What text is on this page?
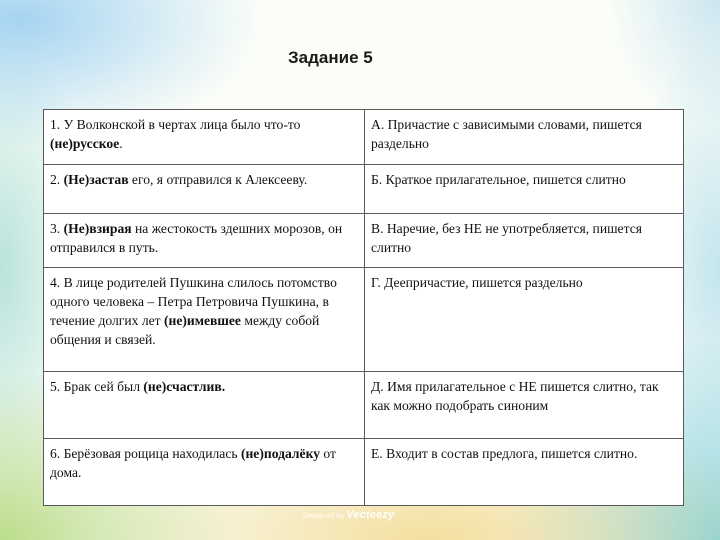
Задание 5
1. У Волконской в чертах лица было что-то (не)русское.	А. Причастие с зависимыми словами, пишется раздельно
2. (Не)застав его, я отправился к Алексееву.	Б. Краткое прилагательное, пишется слитно
3. (Не)взирая на жестокость здешних морозов, он отправился в путь.	В. Наречие, без НЕ не употребляется, пишется слитно
4. В лице родителей Пушкина слилось потомство одного человека – Петра Петровича Пушкина, в течение долгих лет (не)имевшее между собой общения и связей.	Г. Деепричастие, пишется раздельно
5. Брак сей был (не)счастлив.	Д. Имя прилагательное с НЕ пишется слитно, так как можно подобрать синоним
6. Берёзовая рощица находилась (не)подалёку от дома.	Е. Входит в состав предлога, пишется слитно.
Designed by Vecteezy
